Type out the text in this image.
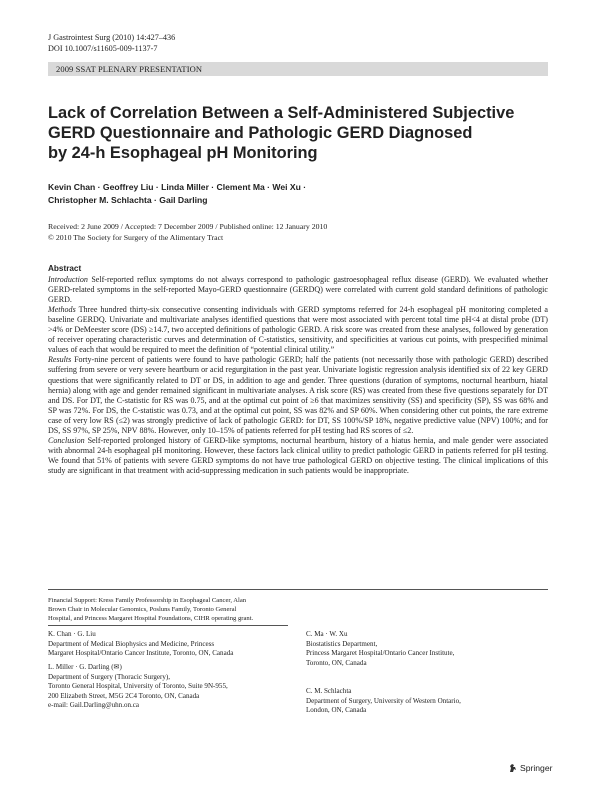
J Gastrointest Surg (2010) 14:427–436
DOI 10.1007/s11605-009-1137-7
2009 SSAT PLENARY PRESENTATION
Lack of Correlation Between a Self-Administered Subjective
GERD Questionnaire and Pathologic GERD Diagnosed
by 24-h Esophageal pH Monitoring
Kevin Chan · Geoffrey Liu · Linda Miller · Clement Ma · Wei Xu ·
Christopher M. Schlachta · Gail Darling
Received: 2 June 2009 / Accepted: 7 December 2009 / Published online: 12 January 2010
© 2010 The Society for Surgery of the Alimentary Tract
Abstract

Introduction Self-reported reflux symptoms do not always correspond to pathologic gastroesophageal reflux disease (GERD). We evaluated whether GERD-related symptoms in the self-reported Mayo-GERD questionnaire (GERDQ) were correlated with current gold standard definitions of pathologic GERD.

Methods Three hundred thirty-six consecutive consenting individuals with GERD symptoms referred for 24-h esophageal pH monitoring completed a baseline GERDQ. Univariate and multivariate analyses identified questions that were most associated with percent total time pH<4 at distal probe (DT) >4% or DeMeester score (DS) ≥14.7, two accepted definitions of pathologic GERD. A risk score was created from these analyses, followed by generation of receiver operating characteristic curves and determination of C-statistics, sensitivity, and specificities at various cut points, with prespecified minimal values of each that would be required to meet the definition of “potential clinical utility.”

Results Forty-nine percent of patients were found to have pathologic GERD; half the patients (not necessarily those with pathologic GERD) described suffering from severe or very severe heartburn or acid regurgitation in the past year. Univariate logistic regression analysis identified six of 22 key GERD questions that were significantly related to DT or DS, in addition to age and gender. Three questions (duration of symptoms, nocturnal heartburn, hiatal hernia) along with age and gender remained significant in multivariate analyses. A risk score (RS) was created from these five questions separately for DT and DS. For DT, the C-statistic for RS was 0.75, and at the optimal cut point of ≥6 that maximizes sensitivity (SS) and specificity (SP), SS was 68% and SP was 72%. For DS, the C-statistic was 0.73, and at the optimal cut point, SS was 82% and SP 60%. When considering other cut points, the rare extreme case of very low RS (≤2) was strongly predictive of lack of pathologic GERD: for DT, SS 100%/SP 18%, negative predictive value (NPV) 100%; and for DS, SS 97%, SP 25%, NPV 88%. However, only 10–15% of patients referred for pH testing had RS scores of ≤2.

Conclusion Self-reported prolonged history of GERD-like symptoms, nocturnal heartburn, history of a hiatus hernia, and male gender were associated with abnormal 24-h esophageal pH monitoring. However, these factors lack clinical utility to predict pathologic GERD in patients referred for pH testing. We found that 51% of patients with severe GERD symptoms do not have true pathological GERD on objective testing. The clinical implications of this study are significant in that treatment with acid-suppressing medication in such patients would be inappropriate.

Financial Support: Kress Family Professorship in Esophageal Cancer, Alan
Brown Chair in Molecular Genomics, Posluns Family, Toronto General
Hospital, and Princess Margaret Hospital Foundations, CIHR operating grant.
K. Chan · G. Liu
Department of Medical Biophysics and Medicine, Princess
Margaret Hospital/Ontario Cancer Institute, Toronto, ON, Canada
L. Miller · G. Darling (✉)
Department of Surgery (Thoracic Surgery),
Toronto General Hospital, University of Toronto, Suite 9N-955,
200 Elizabeth Street, M5G 2C4 Toronto, ON, Canada
e-mail: Gail.Darling@uhn.on.ca
C. Ma · W. Xu
Biostatistics Department,
Princess Margaret Hospital/Ontario Cancer Institute,
Toronto, ON, Canada
C. M. Schlachta
Department of Surgery, University of Western Ontario,
London, ON, Canada
Springer
